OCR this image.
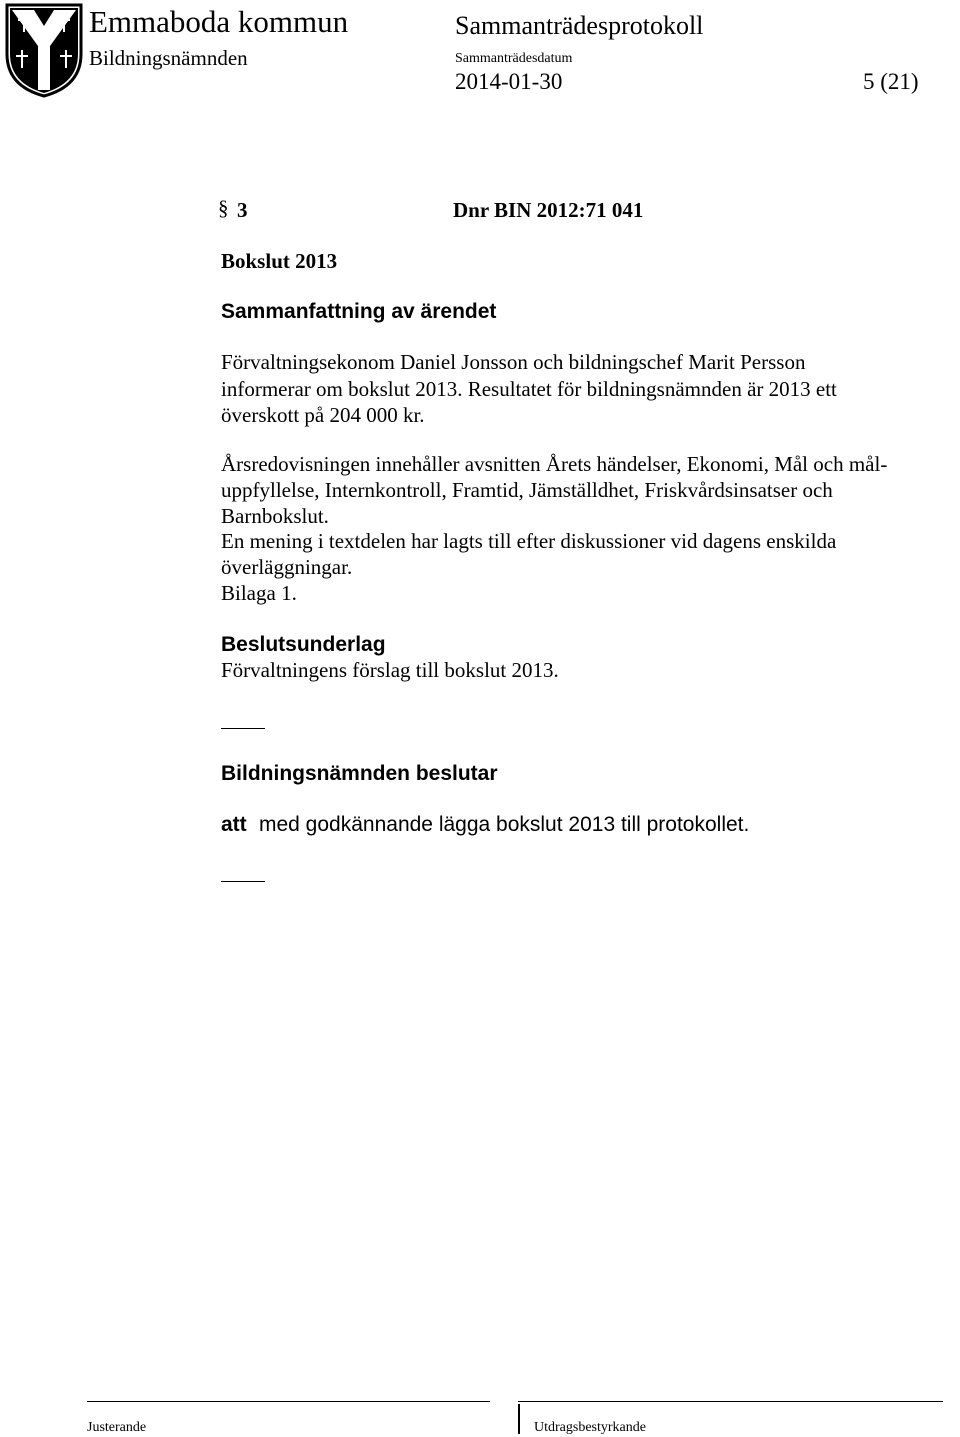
Emmaboda kommun
Bildningsnämnden
Sammanträdesprotokoll
Sammanträdesdatum
2014-01-30	5 (21)
§ 3	Dnr BIN 2012:71 041
Bokslut 2013
Sammanfattning av ärendet
Förvaltningsekonom Daniel Jonsson och bildningschef Marit Persson
informerar om bokslut 2013. Resultatet för bildningsnämnden är 2013 ett
överskott på 204 000 kr.
Årsredovisningen innehåller avsnitten Årets händelser, Ekonomi, Mål och mål-
uppfyllelse, Internkontroll, Framtid, Jämställdhet, Friskvårdsinsatser och
Barnbokslut.
En mening i textdelen har lagts till efter diskussioner vid dagens enskilda
överläggningar.
Bilaga 1.
Beslutsunderlag
Förvaltningens förslag till bokslut 2013.
Bildningsnämnden beslutar
att med godkännande lägga bokslut 2013 till protokollet.
Justerande	Utdragsbestyrkande
